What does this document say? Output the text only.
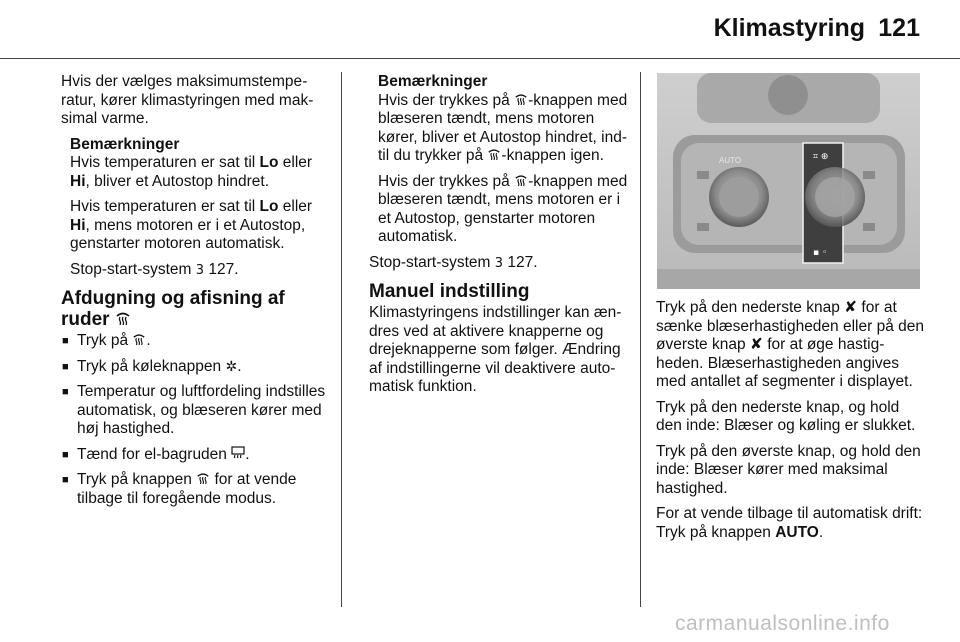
Klimastyring 121

Hvis der vælges maksimumstemperatur, kører klimastyringen med maksimal varme.

Bemærkninger

Hvis temperaturen er sat til Lo eller Hi, bliver et Autostop hindret.

Hvis temperaturen er sat til Lo eller Hi, mens motoren er i et Autostop, genstarter motoren automatisk.

Stop-start-system 3 127.

Afdugning og afisning af ruder
■ Tryk på .
■ Tryk på køleknappen ✲.
■ Temperatur og luftfordeling indstilles automatisk, og blæseren kører med høj hastighed.
■ Tænd for el-bagruden .
■ Tryk på knappen  for at vende tilbage til foregående modus.
Bemærkninger

Hvis der trykkes på -knappen med blæseren tændt, mens motoren kører, bliver et Autostop hindret, indtil du trykker på -knappen igen.

Hvis der trykkes på -knappen med blæseren tændt, mens motoren er i et Autostop, genstarter motoren automatisk.

Stop-start-system 3 127.

Manuel indstilling

Klimastyringens indstillinger kan ændres ved at aktivere knapperne og drejeknapperne som følger. Ændring af indstillingerne vil deaktivere automatisk funktion.

⌗ ⊕
▪ ◦
AUTO

Tryk på den nederste knap ✘ for at sænke blæserhastigheden eller på den øverste knap ✘ for at øge hastigheden. Blæserhastigheden angives med antallet af segmenter i displayet.

Tryk på den nederste knap, og hold den inde: Blæser og køling er slukket.

Tryk på den øverste knap, og hold den inde: Blæser kører med maksimal hastighed.

For at vende tilbage til automatisk drift: Tryk på knappen AUTO.

carmanualsonline.info
